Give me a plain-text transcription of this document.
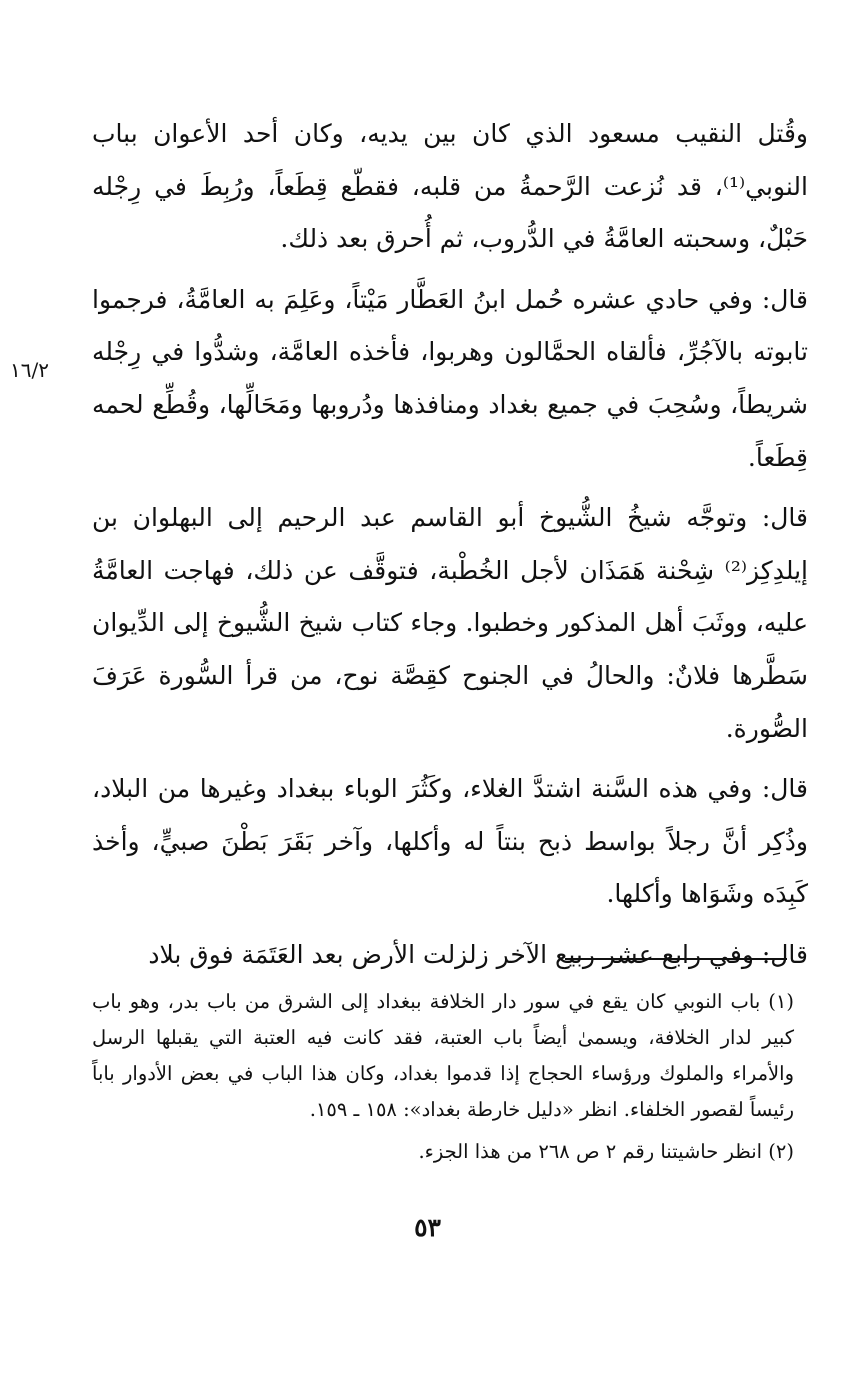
١٦/٢

وقُتل النقيب مسعود الذي كان بين يديه، وكان أحد الأعوان بباب النوبي⁽¹⁾، قد نُزعت الرَّحمةُ من قلبه، فقطّع قِطَعاً، ورُبِطَ في رِجْله حَبْلٌ، وسحبته العامَّةُ في الدُّروب، ثم أُحرق بعد ذلك.

قال: وفي حادي عشره حُمل ابنُ العَطَّار مَيْتاً، وعَلِمَ به العامَّةُ، فرجموا تابوته بالآجُرِّ، فألقاه الحمَّالون وهربوا، فأخذه العامَّة، وشدُّوا في رِجْله شريطاً، وسُحِبَ في جميع بغداد ومنافذها ودُروبها ومَحَالِّها، وقُطِّع لحمه قِطَعاً.

قال: وتوجَّه شيخُ الشُّيوخ أبو القاسم عبد الرحيم إلى البهلوان بن إيلدِكِز⁽²⁾ شِحْنة هَمَذَان لأجل الخُطْبة، فتوقَّف عن ذلك، فهاجت العامَّةُ عليه، ووثَبَ أهل المذكور وخطبوا. وجاء كتاب شيخ الشُّيوخ إلى الدِّيوان سَطَّرها فلانٌ: والحالُ في الجنوح كقِصَّة نوح، من قرأ السُّورة عَرَفَ الصُّورة.

قال: وفي هذه السَّنة اشتدَّ الغلاء، وكَثُرَ الوباء ببغداد وغيرها من البلاد، وذُكِر أنَّ رجلاً بواسط ذبح بنتاً له وأكلها، وآخر بَقَرَ بَطْنَ صبيٍّ، وأخذ كَبِدَه وشَوَاها وأكلها.

قال: وفي رابع عشر ربيع الآخر زلزلت الأرض بعد العَتَمَة فوق بلاد

(١) باب النوبي كان يقع في سور دار الخلافة ببغداد إلى الشرق من باب بدر، وهو باب كبير لدار الخلافة، ويسمىٰ أيضاً باب العتبة، فقد كانت فيه العتبة التي يقبلها الرسل والأمراء والملوك ورؤساء الحجاج إذا قدموا بغداد، وكان هذا الباب في بعض الأدوار باباً رئيساً لقصور الخلفاء. انظر «دليل خارطة بغداد»: ١٥٨ ـ ١٥٩.

(٢) انظر حاشيتنا رقم ٢ ص ٢٦٨ من هذا الجزء.

٥٣
